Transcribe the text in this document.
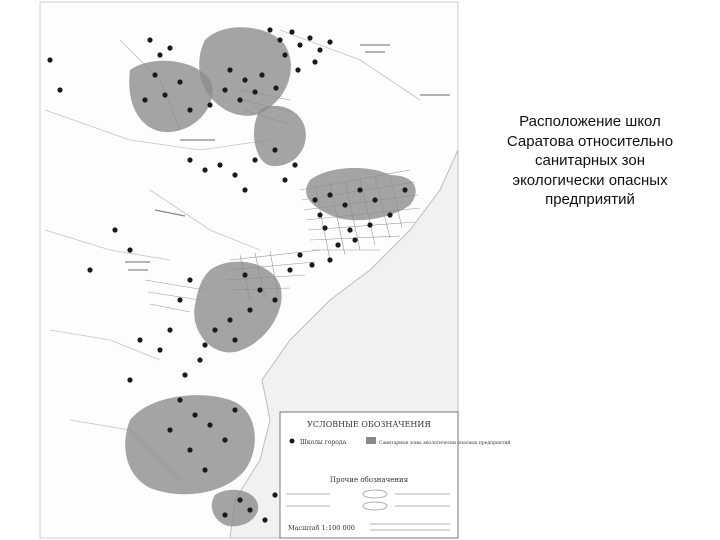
УСЛОВНЫЕ ОБОЗНАЧЕНИЯ
Школы города	Санитарные зоны экологически опасных предприятий
Прочие обозначения
Масштаб 1:100 000
Расположение школ
Саратова относительно
санитарных зон
экологически опасных
предприятий
